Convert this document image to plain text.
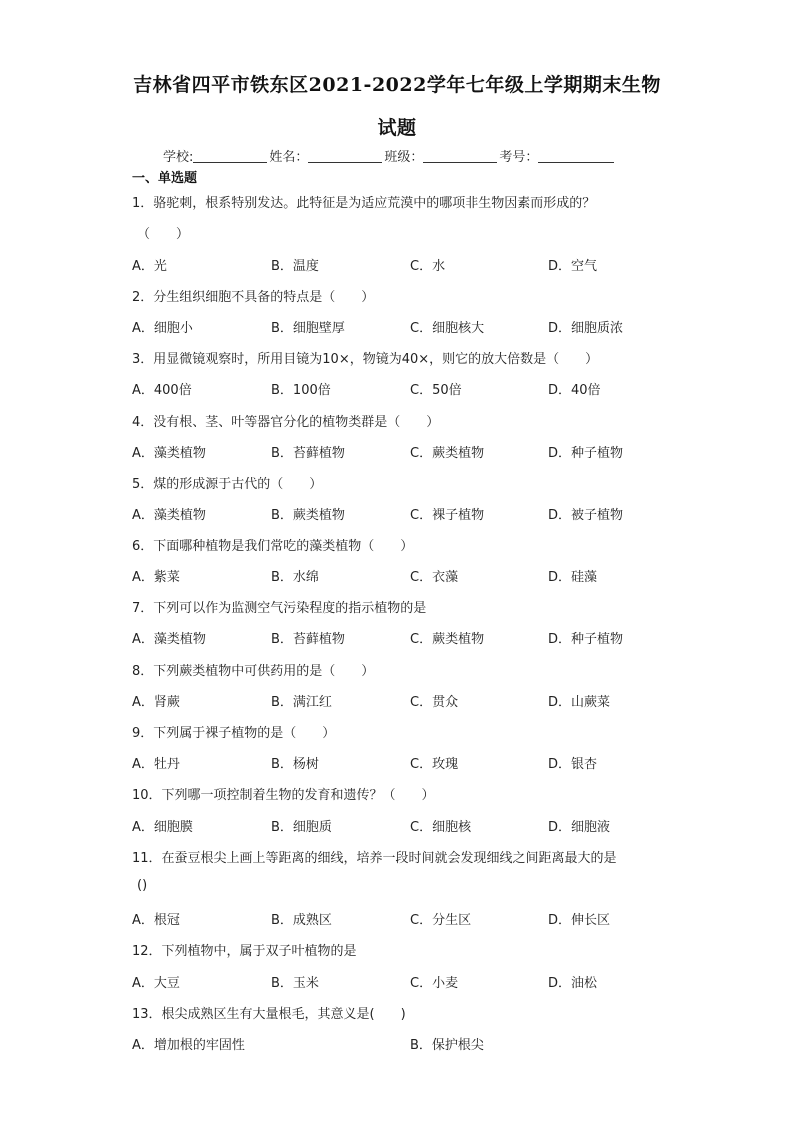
吉林省四平市铁东区2021-2022学年七年级上学期期末生物
试题
学校:	姓名：	班级：	考号：
一、单选题
1．骆驼刺，根系特别发达。此特征是为适应荒漠中的哪项非生物因素而形成的？
（　　）
A．光	B．温度	C．水	D．空气
2．分生组织细胞不具备的特点是（　　）
A．细胞小	B．细胞壁厚	C．细胞核大	D．细胞质浓
3．用显微镜观察时，所用目镜为10×，物镜为40×，则它的放大倍数是（　　）
A．400倍	B．100倍	C．50倍	D．40倍
4．没有根、茎、叶等器官分化的植物类群是（　　）
A．藻类植物	B．苔藓植物	C．蕨类植物	D．种子植物
5．煤的形成源于古代的（　　）
A．藻类植物	B．蕨类植物	C．裸子植物	D．被子植物
6．下面哪种植物是我们常吃的藻类植物（　　）
A．紫菜	B．水绵	C．衣藻	D．硅藻
7．下列可以作为监测空气污染程度的指示植物的是
A．藻类植物	B．苔藓植物	C．蕨类植物	D．种子植物
8．下列蕨类植物中可供药用的是（　　）
A．肾蕨	B．满江红	C．贯众	D．山蕨菜
9．下列属于裸子植物的是（　　）
A．牡丹	B．杨树	C．玫瑰	D．银杏
10．下列哪一项控制着生物的发育和遗传？（　　）
A．细胞膜	B．细胞质	C．细胞核	D．细胞液
11．在蚕豆根尖上画上等距离的细线，培养一段时间就会发现细线之间距离最大的是
()
A．根冠	B．成熟区	C．分生区	D．伸长区
12．下列植物中，属于双子叶植物的是
A．大豆	B．玉米	C．小麦	D．油松
13．根尖成熟区生有大量根毛，其意义是(　　)
A．增加根的牢固性	B．保护根尖
